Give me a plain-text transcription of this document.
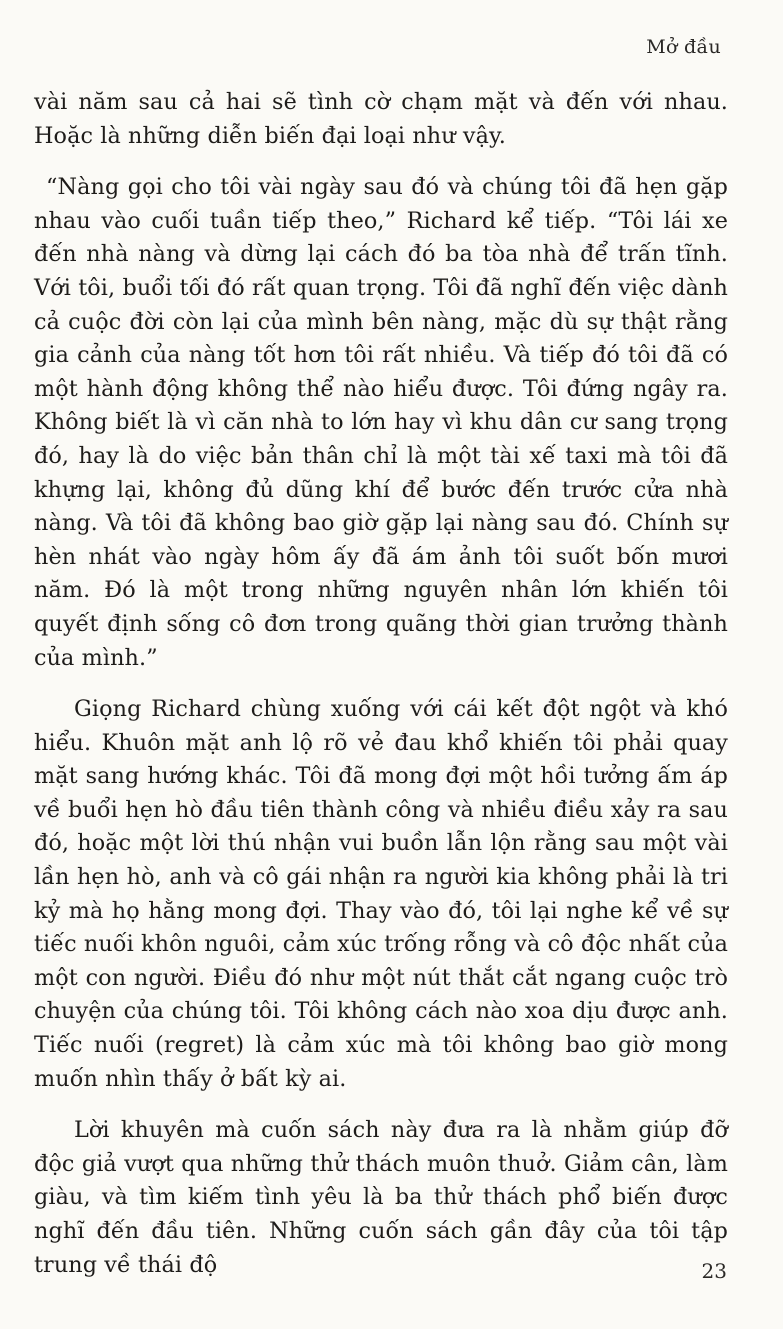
Mở đầu

vài năm sau cả hai sẽ tình cờ chạm mặt và đến với nhau. Hoặc là những diễn biến đại loại như vậy.

“Nàng gọi cho tôi vài ngày sau đó và chúng tôi đã hẹn gặp nhau vào cuối tuần tiếp theo,” Richard kể tiếp. “Tôi lái xe đến nhà nàng và dừng lại cách đó ba tòa nhà để trấn tĩnh. Với tôi, buổi tối đó rất quan trọng. Tôi đã nghĩ đến việc dành cả cuộc đời còn lại của mình bên nàng, mặc dù sự thật rằng gia cảnh của nàng tốt hơn tôi rất nhiều. Và tiếp đó tôi đã có một hành động không thể nào hiểu được. Tôi đứng ngây ra. Không biết là vì căn nhà to lớn hay vì khu dân cư sang trọng đó, hay là do việc bản thân chỉ là một tài xế taxi mà tôi đã khựng lại, không đủ dũng khí để bước đến trước cửa nhà nàng. Và tôi đã không bao giờ gặp lại nàng sau đó. Chính sự hèn nhát vào ngày hôm ấy đã ám ảnh tôi suốt bốn mươi năm. Đó là một trong những nguyên nhân lớn khiến tôi quyết định sống cô đơn trong quãng thời gian trưởng thành của mình.”

Giọng Richard chùng xuống với cái kết đột ngột và khó hiểu. Khuôn mặt anh lộ rõ vẻ đau khổ khiến tôi phải quay mặt sang hướng khác. Tôi đã mong đợi một hồi tưởng ấm áp về buổi hẹn hò đầu tiên thành công và nhiều điều xảy ra sau đó, hoặc một lời thú nhận vui buồn lẫn lộn rằng sau một vài lần hẹn hò, anh và cô gái nhận ra người kia không phải là tri kỷ mà họ hằng mong đợi. Thay vào đó, tôi lại nghe kể về sự tiếc nuối khôn nguôi, cảm xúc trống rỗng và cô độc nhất của một con người. Điều đó như một nút thắt cắt ngang cuộc trò chuyện của chúng tôi. Tôi không cách nào xoa dịu được anh. Tiếc nuối (regret) là cảm xúc mà tôi không bao giờ mong muốn nhìn thấy ở bất kỳ ai.

Lời khuyên mà cuốn sách này đưa ra là nhằm giúp đỡ độc giả vượt qua những thử thách muôn thuở. Giảm cân, làm giàu, và tìm kiếm tình yêu là ba thử thách phổ biến được nghĩ đến đầu tiên. Những cuốn sách gần đây của tôi tập trung về thái độ	23
